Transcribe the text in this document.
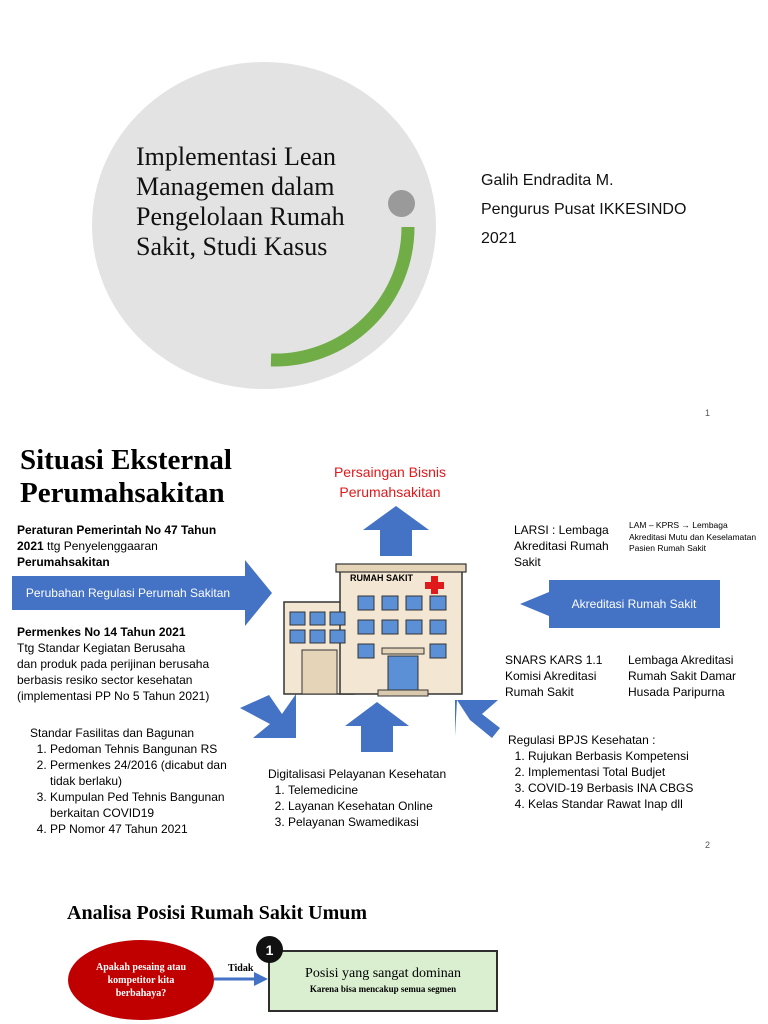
Implementasi Lean Managemen dalam Pengelolaan Rumah Sakit, Studi Kasus
Galih Endradita M.
Pengurus Pusat IKKESINDO
2021
1
Situasi Eksternal
Perumahsakitan
Persaingan Bisnis
Perumahsakitan
Perubahan Regulasi Perumah Sakitan
Akreditasi Rumah Sakit
Peraturan Pemerintah No 47 Tahun 2021 ttg Penyelenggaaran
Perumahsakitan
Permenkes No 14 Tahun 2021
Ttg Standar Kegiatan Berusaha
dan produk pada perijinan berusaha
berbasis resiko sector kesehatan
(implementasi PP No 5 Tahun 2021)
Standar Fasilitas dan Bagunan
1. Pedoman Tehnis Bangunan RS
2. Permenkes 24/2016 (dicabut dan tidak berlaku)
3. Kumpulan Ped Tehnis Bangunan berkaitan COVID19
4. PP Nomor 47 Tahun 2021
RUMAH SAKIT
Digitalisasi Pelayanan Kesehatan
1. Telemedicine
2. Layanan Kesehatan Online
3. Pelayanan Swamedikasi
LARSI : Lembaga Akreditasi Rumah Sakit
LAM – KPRS → Lembaga Akreditasi Mutu dan Keselamatan Pasien Rumah Sakit
SNARS KARS 1.1 Komisi Akreditasi Rumah Sakit
Lembaga Akreditasi Rumah Sakit Damar Husada Paripurna
Regulasi BPJS Kesehatan :
1. Rujukan Berbasis Kompetensi
2. Implementasi Total Budjet
3. COVID-19 Berbasis INA CBGS
4. Kelas Standar Rawat Inap dll
2
Analisa Posisi Rumah Sakit Umum
Apakah pesaing atau kompetitor kita berbahaya?
Tidak	Posisi yang sangat dominan
Karena bisa mencakup semua segmen
1
